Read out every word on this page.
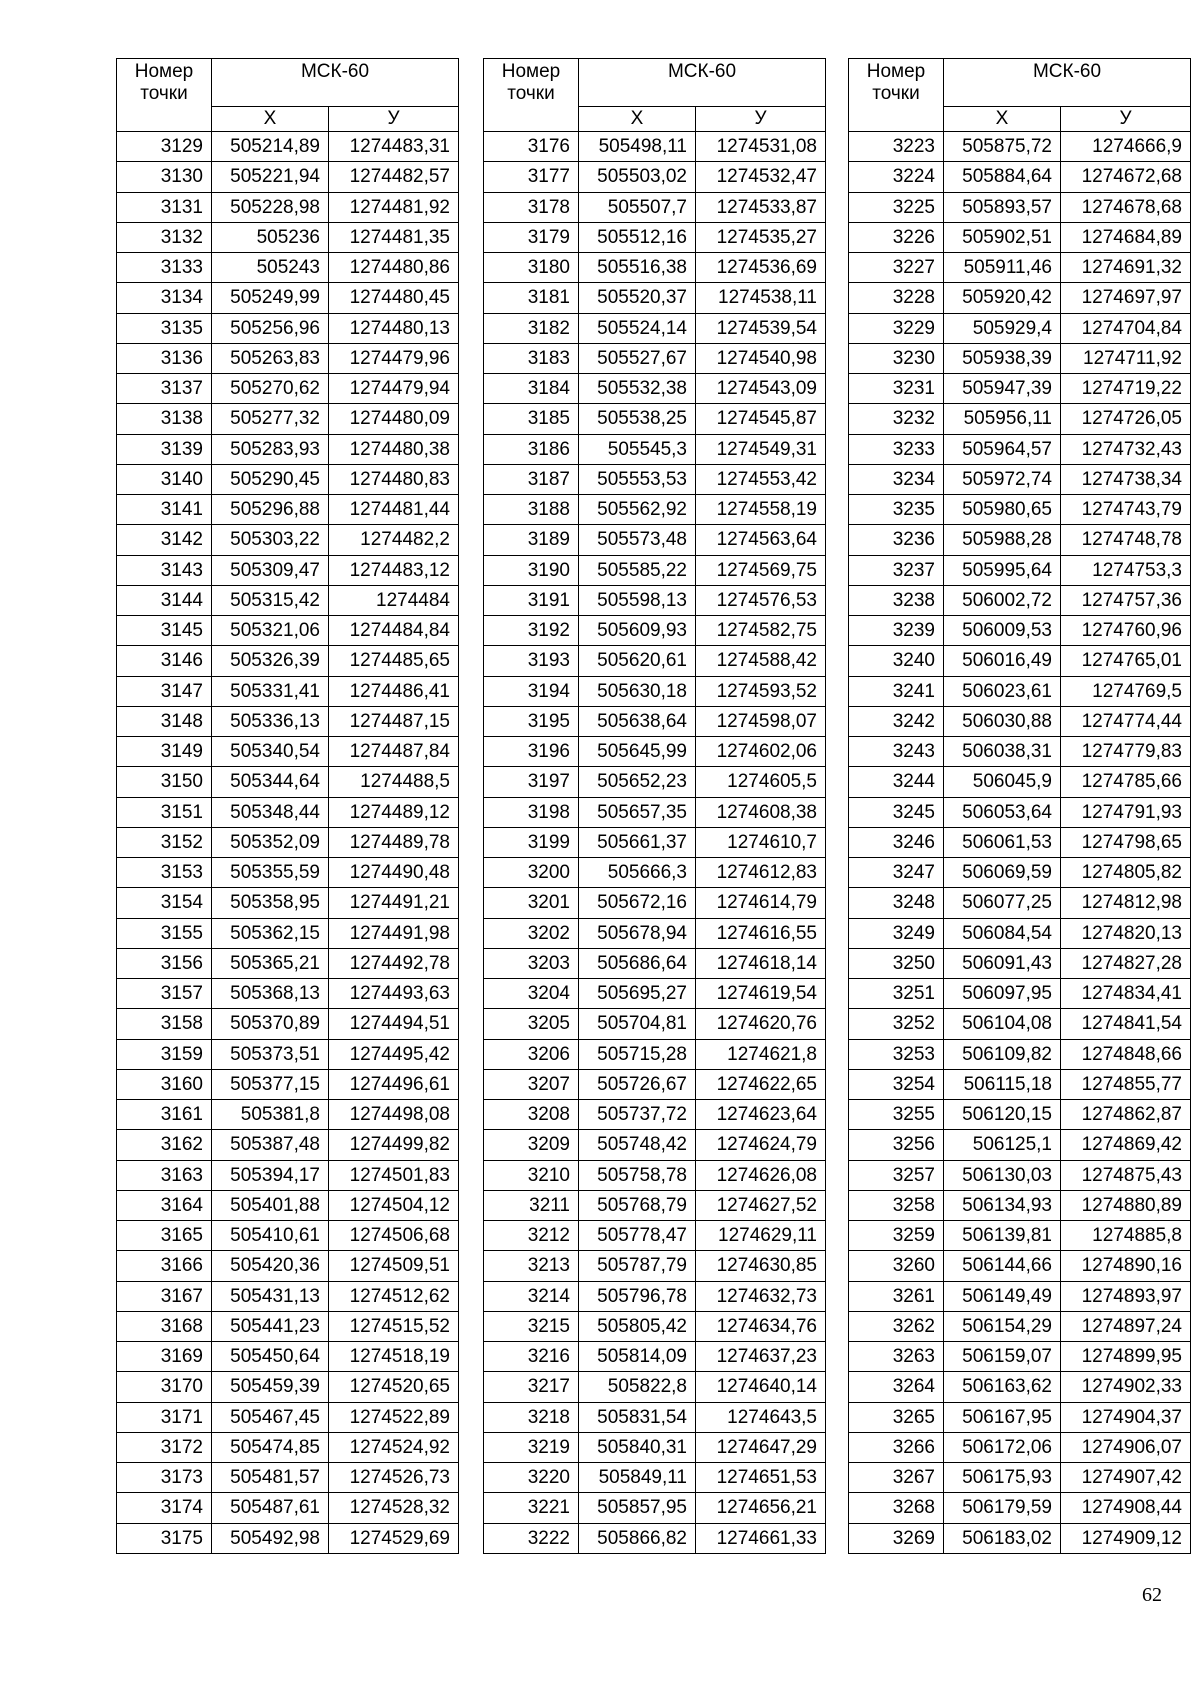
Номер точки	МСК-60	
	Х	У
3129	505214,89	1274483,31
3130	505221,94	1274482,57
3131	505228,98	1274481,92
3132	505236	1274481,35
3133	505243	1274480,86
3134	505249,99	1274480,45
3135	505256,96	1274480,13
3136	505263,83	1274479,96
3137	505270,62	1274479,94
3138	505277,32	1274480,09
3139	505283,93	1274480,38
3140	505290,45	1274480,83
3141	505296,88	1274481,44
3142	505303,22	1274482,2
3143	505309,47	1274483,12
3144	505315,42	1274484
3145	505321,06	1274484,84
3146	505326,39	1274485,65
3147	505331,41	1274486,41
3148	505336,13	1274487,15
3149	505340,54	1274487,84
3150	505344,64	1274488,5
3151	505348,44	1274489,12
3152	505352,09	1274489,78
3153	505355,59	1274490,48
3154	505358,95	1274491,21
3155	505362,15	1274491,98
3156	505365,21	1274492,78
3157	505368,13	1274493,63
3158	505370,89	1274494,51
3159	505373,51	1274495,42
3160	505377,15	1274496,61
3161	505381,8	1274498,08
3162	505387,48	1274499,82
3163	505394,17	1274501,83
3164	505401,88	1274504,12
3165	505410,61	1274506,68
3166	505420,36	1274509,51
3167	505431,13	1274512,62
3168	505441,23	1274515,52
3169	505450,64	1274518,19
3170	505459,39	1274520,65
3171	505467,45	1274522,89
3172	505474,85	1274524,92
3173	505481,57	1274526,73
3174	505487,61	1274528,32
3175	505492,98	1274529,69
Номер точки	МСК-60	
	Х	У
3176	505498,11	1274531,08
3177	505503,02	1274532,47
3178	505507,7	1274533,87
3179	505512,16	1274535,27
3180	505516,38	1274536,69
3181	505520,37	1274538,11
3182	505524,14	1274539,54
3183	505527,67	1274540,98
3184	505532,38	1274543,09
3185	505538,25	1274545,87
3186	505545,3	1274549,31
3187	505553,53	1274553,42
3188	505562,92	1274558,19
3189	505573,48	1274563,64
3190	505585,22	1274569,75
3191	505598,13	1274576,53
3192	505609,93	1274582,75
3193	505620,61	1274588,42
3194	505630,18	1274593,52
3195	505638,64	1274598,07
3196	505645,99	1274602,06
3197	505652,23	1274605,5
3198	505657,35	1274608,38
3199	505661,37	1274610,7
3200	505666,3	1274612,83
3201	505672,16	1274614,79
3202	505678,94	1274616,55
3203	505686,64	1274618,14
3204	505695,27	1274619,54
3205	505704,81	1274620,76
3206	505715,28	1274621,8
3207	505726,67	1274622,65
3208	505737,72	1274623,64
3209	505748,42	1274624,79
3210	505758,78	1274626,08
3211	505768,79	1274627,52
3212	505778,47	1274629,11
3213	505787,79	1274630,85
3214	505796,78	1274632,73
3215	505805,42	1274634,76
3216	505814,09	1274637,23
3217	505822,8	1274640,14
3218	505831,54	1274643,5
3219	505840,31	1274647,29
3220	505849,11	1274651,53
3221	505857,95	1274656,21
3222	505866,82	1274661,33
Номер точки	МСК-60	
	Х	У
3223	505875,72	1274666,9
3224	505884,64	1274672,68
3225	505893,57	1274678,68
3226	505902,51	1274684,89
3227	505911,46	1274691,32
3228	505920,42	1274697,97
3229	505929,4	1274704,84
3230	505938,39	1274711,92
3231	505947,39	1274719,22
3232	505956,11	1274726,05
3233	505964,57	1274732,43
3234	505972,74	1274738,34
3235	505980,65	1274743,79
3236	505988,28	1274748,78
3237	505995,64	1274753,3
3238	506002,72	1274757,36
3239	506009,53	1274760,96
3240	506016,49	1274765,01
3241	506023,61	1274769,5
3242	506030,88	1274774,44
3243	506038,31	1274779,83
3244	506045,9	1274785,66
3245	506053,64	1274791,93
3246	506061,53	1274798,65
3247	506069,59	1274805,82
3248	506077,25	1274812,98
3249	506084,54	1274820,13
3250	506091,43	1274827,28
3251	506097,95	1274834,41
3252	506104,08	1274841,54
3253	506109,82	1274848,66
3254	506115,18	1274855,77
3255	506120,15	1274862,87
3256	506125,1	1274869,42
3257	506130,03	1274875,43
3258	506134,93	1274880,89
3259	506139,81	1274885,8
3260	506144,66	1274890,16
3261	506149,49	1274893,97
3262	506154,29	1274897,24
3263	506159,07	1274899,95
3264	506163,62	1274902,33
3265	506167,95	1274904,37
3266	506172,06	1274906,07
3267	506175,93	1274907,42
3268	506179,59	1274908,44
3269	506183,02	1274909,12
62
